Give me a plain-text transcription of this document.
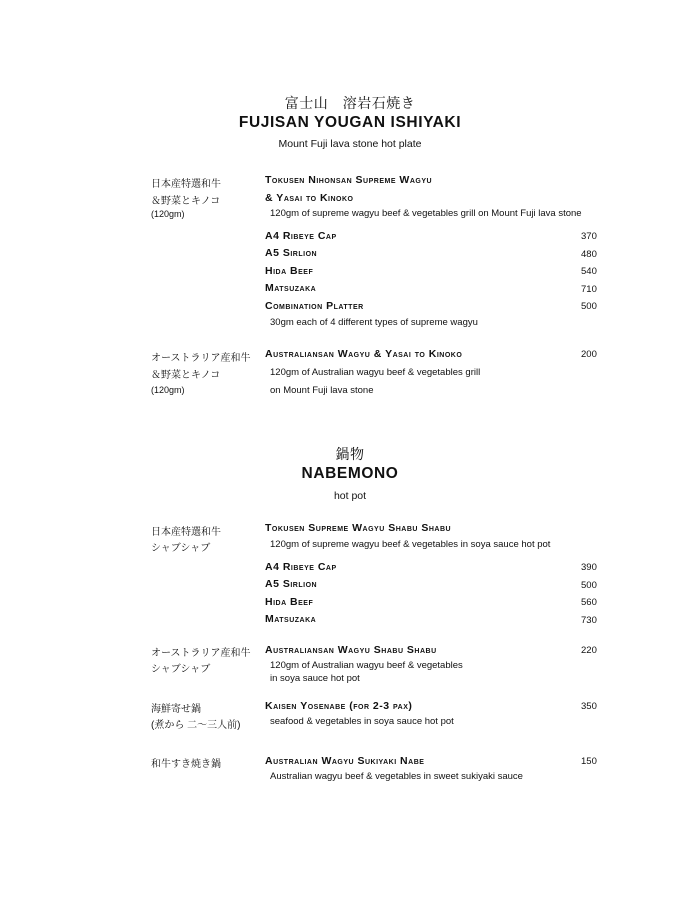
富士山　溶岩石焼き
FUJISAN YOUGAN ISHIYAKI
Mount Fuji lava stone hot plate
日本産特選和牛
＆野菜とキノコ
(120gm)
Tokusen Nihonsan Supreme Wagyu
& Yasai to Kinoko
120gm of supreme wagyu beef & vegetables grill on Mount Fuji lava stone
A4 Ribeye Cap	370
A5 Sirlion	480
Hida Beef	540
Matsuzaka	710
Combination Platter	500
30gm each of 4 different types of supreme wagyu
オーストラリア産和牛
＆野菜とキノコ
(120gm)
Australiansan Wagyu & Yasai to Kinoko	200
120gm of Australian wagyu beef & vegetables grill
on Mount Fuji lava stone
鍋物
NABEMONO
hot pot
日本産特選和牛
シャブシャブ
Tokusen Supreme Wagyu Shabu Shabu
120gm of supreme wagyu beef & vegetables in soya sauce hot pot
A4 Ribeye Cap	390
A5 Sirlion	500
Hida Beef	560
Matsuzaka	730
オーストラリア産和牛
シャブシャブ
Australiansan Wagyu Shabu Shabu	220
120gm of Australian wagyu beef & vegetables
in soya sauce hot pot
海鮮寄せ鍋
(煮から 二～三人前)
Kaisen Yosenabe (for 2-3 pax)	350
seafood & vegetables in soya sauce hot pot
和牛すき焼き鍋	Australian Wagyu Sukiyaki Nabe	150
Australian wagyu beef & vegetables in sweet sukiyaki sauce
